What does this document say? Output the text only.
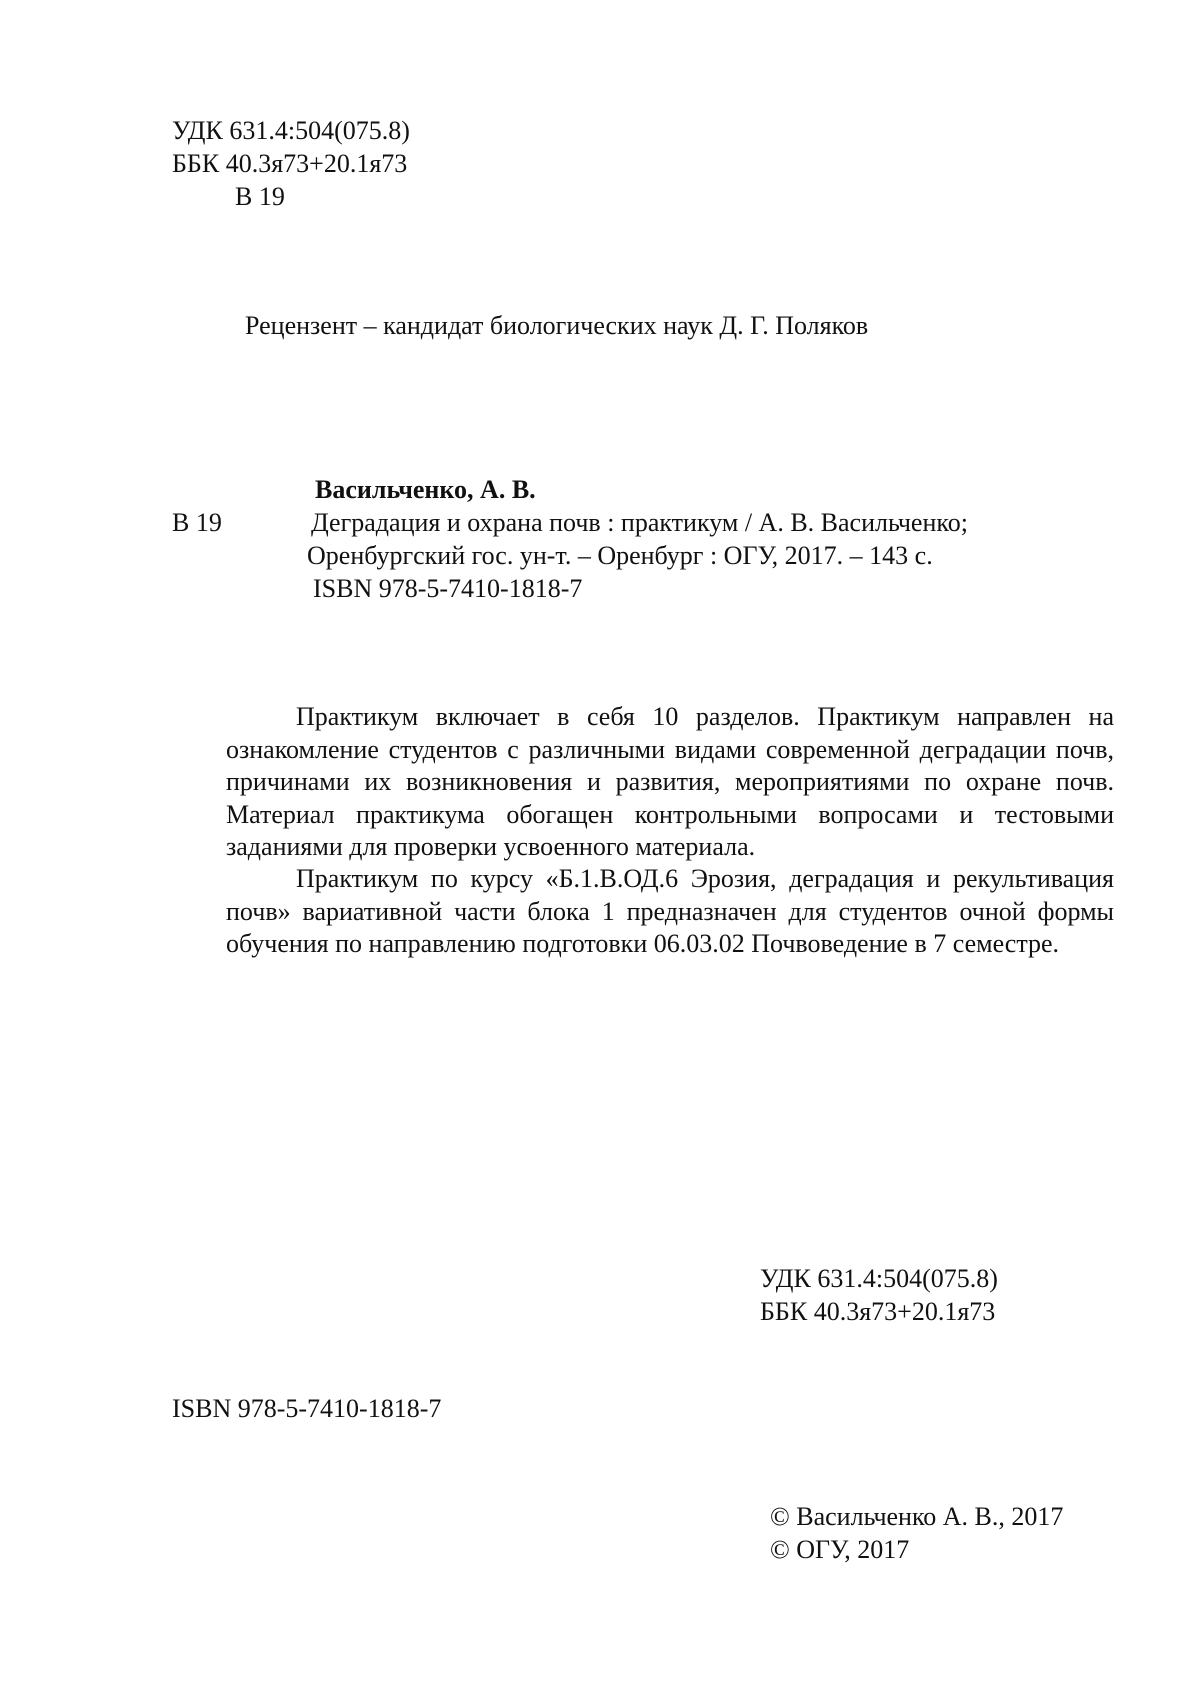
УДК 631.4:504(075.8)
ББК 40.3я73+20.1я73
В 19
Рецензент – кандидат биологических наук Д. Г. Поляков
Васильченко, А. В.
В 19	Деградация и охрана почв : практикум / А. В. Васильченко;
Оренбургский гос. ун-т. – Оренбург : ОГУ, 2017. – 143 с.
ISBN 978-5-7410-1818-7
Практикум включает в себя 10 разделов. Практикум направлен на ознакомление студентов с различными видами современной деградации почв, причинами их возникновения и развития, мероприятиями по охране почв. Материал практикума обогащен контрольными вопросами и тестовыми заданиями для проверки усвоенного материала.
Практикум по курсу «Б.1.В.ОД.6 Эрозия, деградация и рекультивация почв» вариативной части блока 1 предназначен для студентов очной формы обучения по направлению подготовки 06.03.02 Почвоведение в 7 семестре.
УДК 631.4:504(075.8)
ББК 40.3я73+20.1я73
ISBN 978-5-7410-1818-7
© Васильченко А. В., 2017
© ОГУ, 2017
